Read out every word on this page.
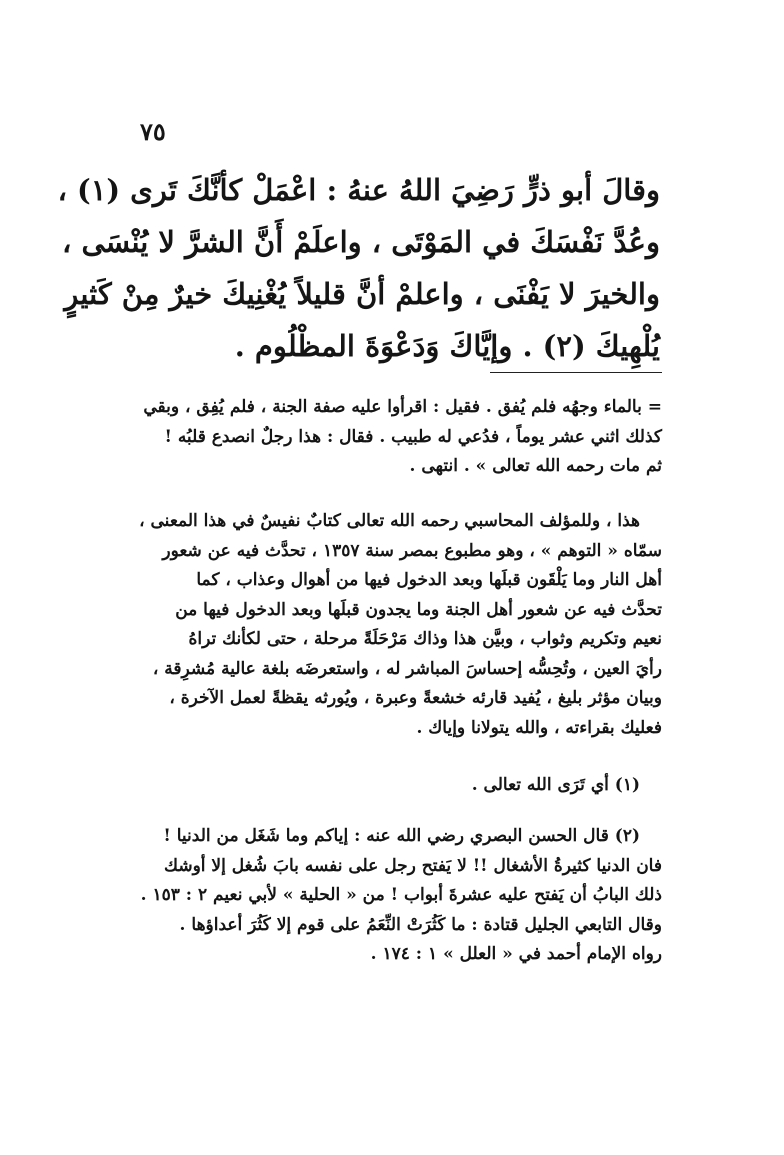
٧٥
وقالَ أبو ذرٍّ رَضِيَ اللهُ عنهُ : اعْمَلْ كأنَّكَ تَرى (١) ،
وعُدَّ نَفْسَكَ في المَوْتَى ، واعلَمْ أَنَّ الشرَّ لا يُنْسَى ،
والخيرَ لا يَفْنَى ، واعلمْ أنَّ قليلاً يُغْنِيكَ خيرٌ مِنْ كَثيرٍ
يُلْهِيكَ (٢) . وإيَّاكَ وَدَعْوَةَ المظْلُوم .
= بالماء وجهُه فلم يُفق . فقيل : اقرأوا عليه صفة الجنة ، فلم يُفِق ، وبقي
كذلك اثني عشر يوماً ، فدُعي له طبيب . فقال : هذا رجلٌ انصدع قلبُه !
ثم مات رحمه الله تعالى » . انتهى .
هذا ، وللمؤلف المحاسبي رحمه الله تعالى كتابٌ نفيسٌ في هذا المعنى ،
سمّاه « التوهم » ، وهو مطبوع بمصر سنة ١٣٥٧ ، تحدَّث فيه عن شعور
أهل النار وما يَلْقَون قبلَها وبعد الدخول فيها من أهوال وعذاب ، كما
تحدَّث فيه عن شعور أهل الجنة وما يجدون قبلَها وبعد الدخول فيها من
نعيم وتكريم وثواب ، وبيَّن هذا وذاك مَرْحَلَةً مرحلة ، حتى لكأنك تراهُ
رأيَ العين ، وتُحِسُّه إحساسَ المباشر له ، واستعرضَه بلغة عالية مُشرِقة ،
وبيان مؤثر بليغ ، يُفيد قارئه خشعةً وعبرة ، ويُورثه يقظةً لعمل الآخرة ،
فعليك بقراءته ، والله يتولانا وإياك .
(١) أي تَرَى الله تعالى .
(٢) قال الحسن البصري رضي الله عنه : إياكم وما شَغَل من الدنيا !
فان الدنيا كثيرةُ الأشغال !! لا يَفتح رجل على نفسه بابَ شُغل إلا أوشك
ذلك البابُ أن يَفتح عليه عشرةَ أبواب ! من « الحلية » لأبي نعيم ٢ : ١٥٣ .
وقال التابعي الجليل قتادة : ما كَثُرَتْ النِّعَمُ على قوم إلا كَثُرَ أعداؤها .
رواه الإمام أحمد في « العلل » ١ : ١٧٤ .
